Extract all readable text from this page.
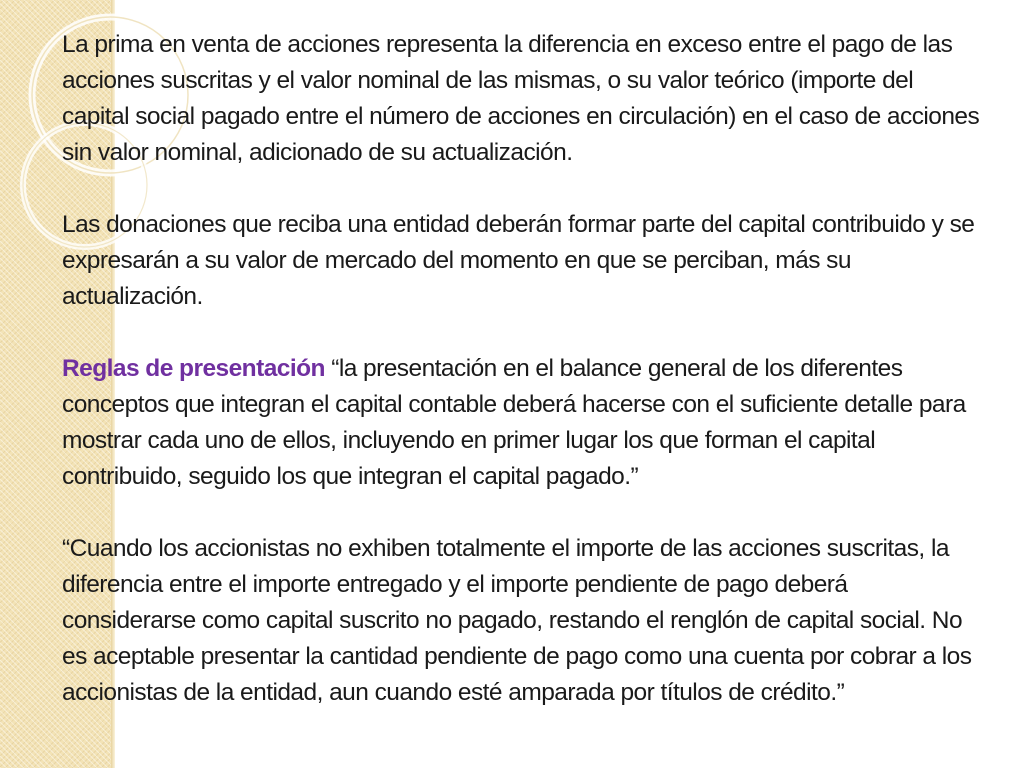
La prima en venta de acciones representa la diferencia en exceso entre el pago de las acciones suscritas y el valor nominal de las mismas, o su valor teórico (importe del capital social pagado entre el número de acciones en circulación) en el caso de acciones sin valor nominal, adicionado de su actualización.

Las donaciones que reciba una entidad deberán formar parte del capital contribuido y se expresarán a su valor de mercado del momento en que se perciban, más su actualización.

Reglas de presentación “la presentación en el balance general de los diferentes conceptos que integran el capital contable deberá hacerse con el suficiente detalle para mostrar cada uno de ellos, incluyendo en primer lugar los que forman el capital contribuido, seguido los que integran el capital pagado.”

“Cuando los accionistas no exhiben totalmente el importe de las acciones suscritas, la diferencia entre el importe entregado y el importe pendiente de pago deberá considerarse como capital suscrito no pagado, restando el renglón de capital social. No es aceptable presentar la cantidad pendiente de pago como una cuenta por cobrar a los accionistas de la entidad, aun cuando esté amparada por títulos de crédito.”
